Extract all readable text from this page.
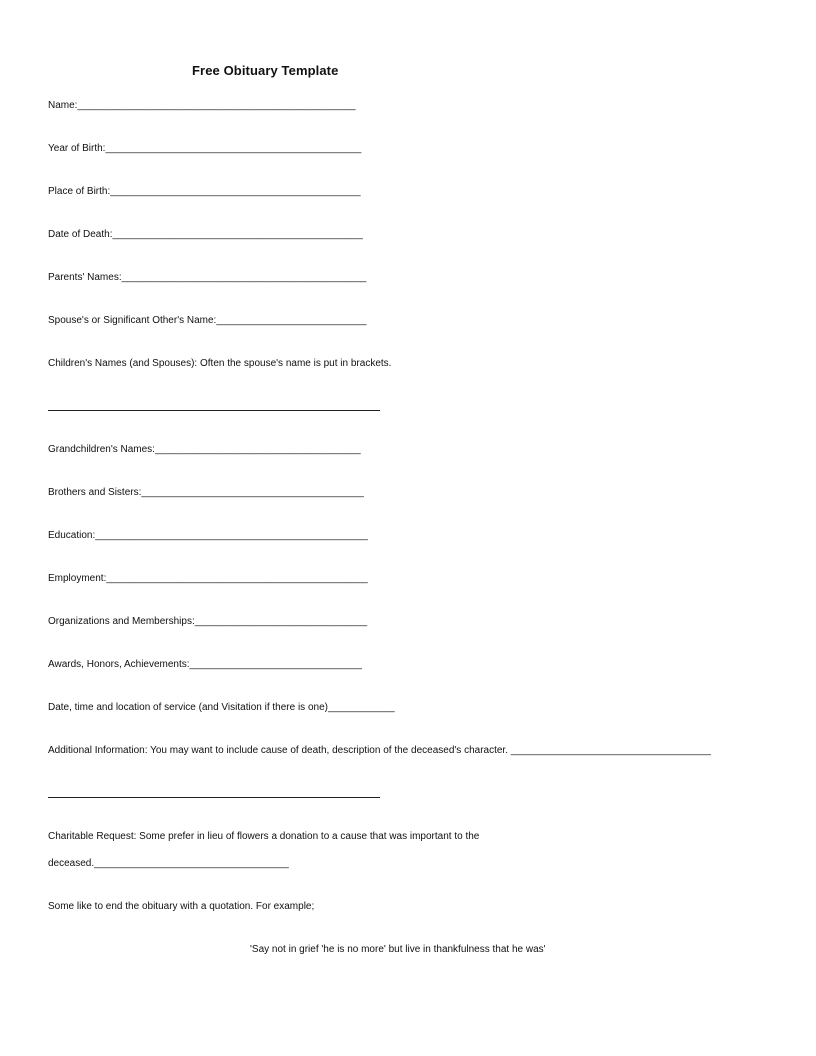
Free Obituary Template
Name:__________________________________________________
Year of Birth:______________________________________________
Place of Birth:_____________________________________________
Date of Death:_____________________________________________
Parents' Names:____________________________________________
Spouse's or Significant Other's Name:___________________________
Children's Names (and Spouses): Often the spouse's name is put in brackets.
Grandchildren's Names:_____________________________________
Brothers and Sisters:________________________________________
Education:_________________________________________________
Employment:_______________________________________________
Organizations and Memberships:_______________________________
Awards, Honors, Achievements:_______________________________
Date, time and location of service (and Visitation if there is one)____________
Additional Information: You may want to include cause of death, description of the deceased's character. ____________________________________
Charitable Request: Some prefer in lieu of flowers a donation to a cause that was important to the
deceased.___________________________________
Some like to end the obituary with a quotation. For example;
'Say not in grief 'he is no more' but live in thankfulness that he was'
